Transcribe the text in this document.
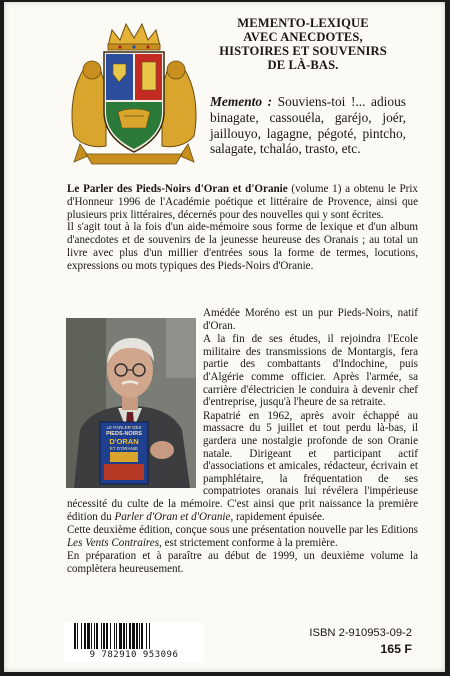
MEMENTO-LEXIQUE
AVEC ANECDOTES,
HISTOIRES ET SOUVENIRS
DE LÀ-BAS.
Memento : Souviens-toi !... adious binagate, cassouéla, garéjo, joér, jaillouyo, lagagne, pégoté, pintcho, salagate, tchaláo, trasto, etc.

Le Parler des Pieds-Noirs d'Oran et d'Oranie (volume 1) a obtenu le Prix d'Honneur 1996 de l'Académie poétique et littéraire de Provence, ainsi que plusieurs prix littéraires, décernés pour des nouvelles qui y sont écrites.

Il s'agit tout à la fois d'un aide-mémoire sous forme de lexique et d'un album d'anecdotes et de souvenirs de la jeunesse heureuse des Oranais ; au total un livre avec plus d'un millier d'entrées sous la forme de termes, locutions, expressions ou mots typiques des Pieds-Noirs d'Oranie.

LE PARLER DES
PIEDS-NOIRS
D'ORAN
ET D'ORANIE

Amédée Moréno est un pur Pieds-Noirs, natif d'Oran.

A la fin de ses études, il rejoindra l'Ecole militaire des transmissions de Montargis, fera partie des combattants d'Indochine, puis d'Algérie comme officier. Après l'armée, sa carrière d'électricien le conduira à devenir chef d'entreprise, jusqu'à l'heure de sa retraite.

Rapatrié en 1962, après avoir échappé au massacre du 5 juillet et tout perdu là-bas, il gardera une nostalgie profonde de son Oranie natale. Dirigeant et participant actif d'associations et amicales, rédacteur, écrivain et pamphlétaire, la fréquentation de ses compatriotes oranais lui révélera l'impérieuse nécessité du culte de la mémoire. C'est ainsi que prit naissance la première édition du Parler d'Oran et d'Oranie, rapidement épuisée.

Cette deuxième édition, conçue sous une présentation nouvelle par les Editions Les Vents Contraires, est strictement conforme à la première.

En préparation et à paraître au début de 1999, un deuxième volume la complètera heureusement.

9 782910 953096
ISBN 2-910953-09-2
165 F
